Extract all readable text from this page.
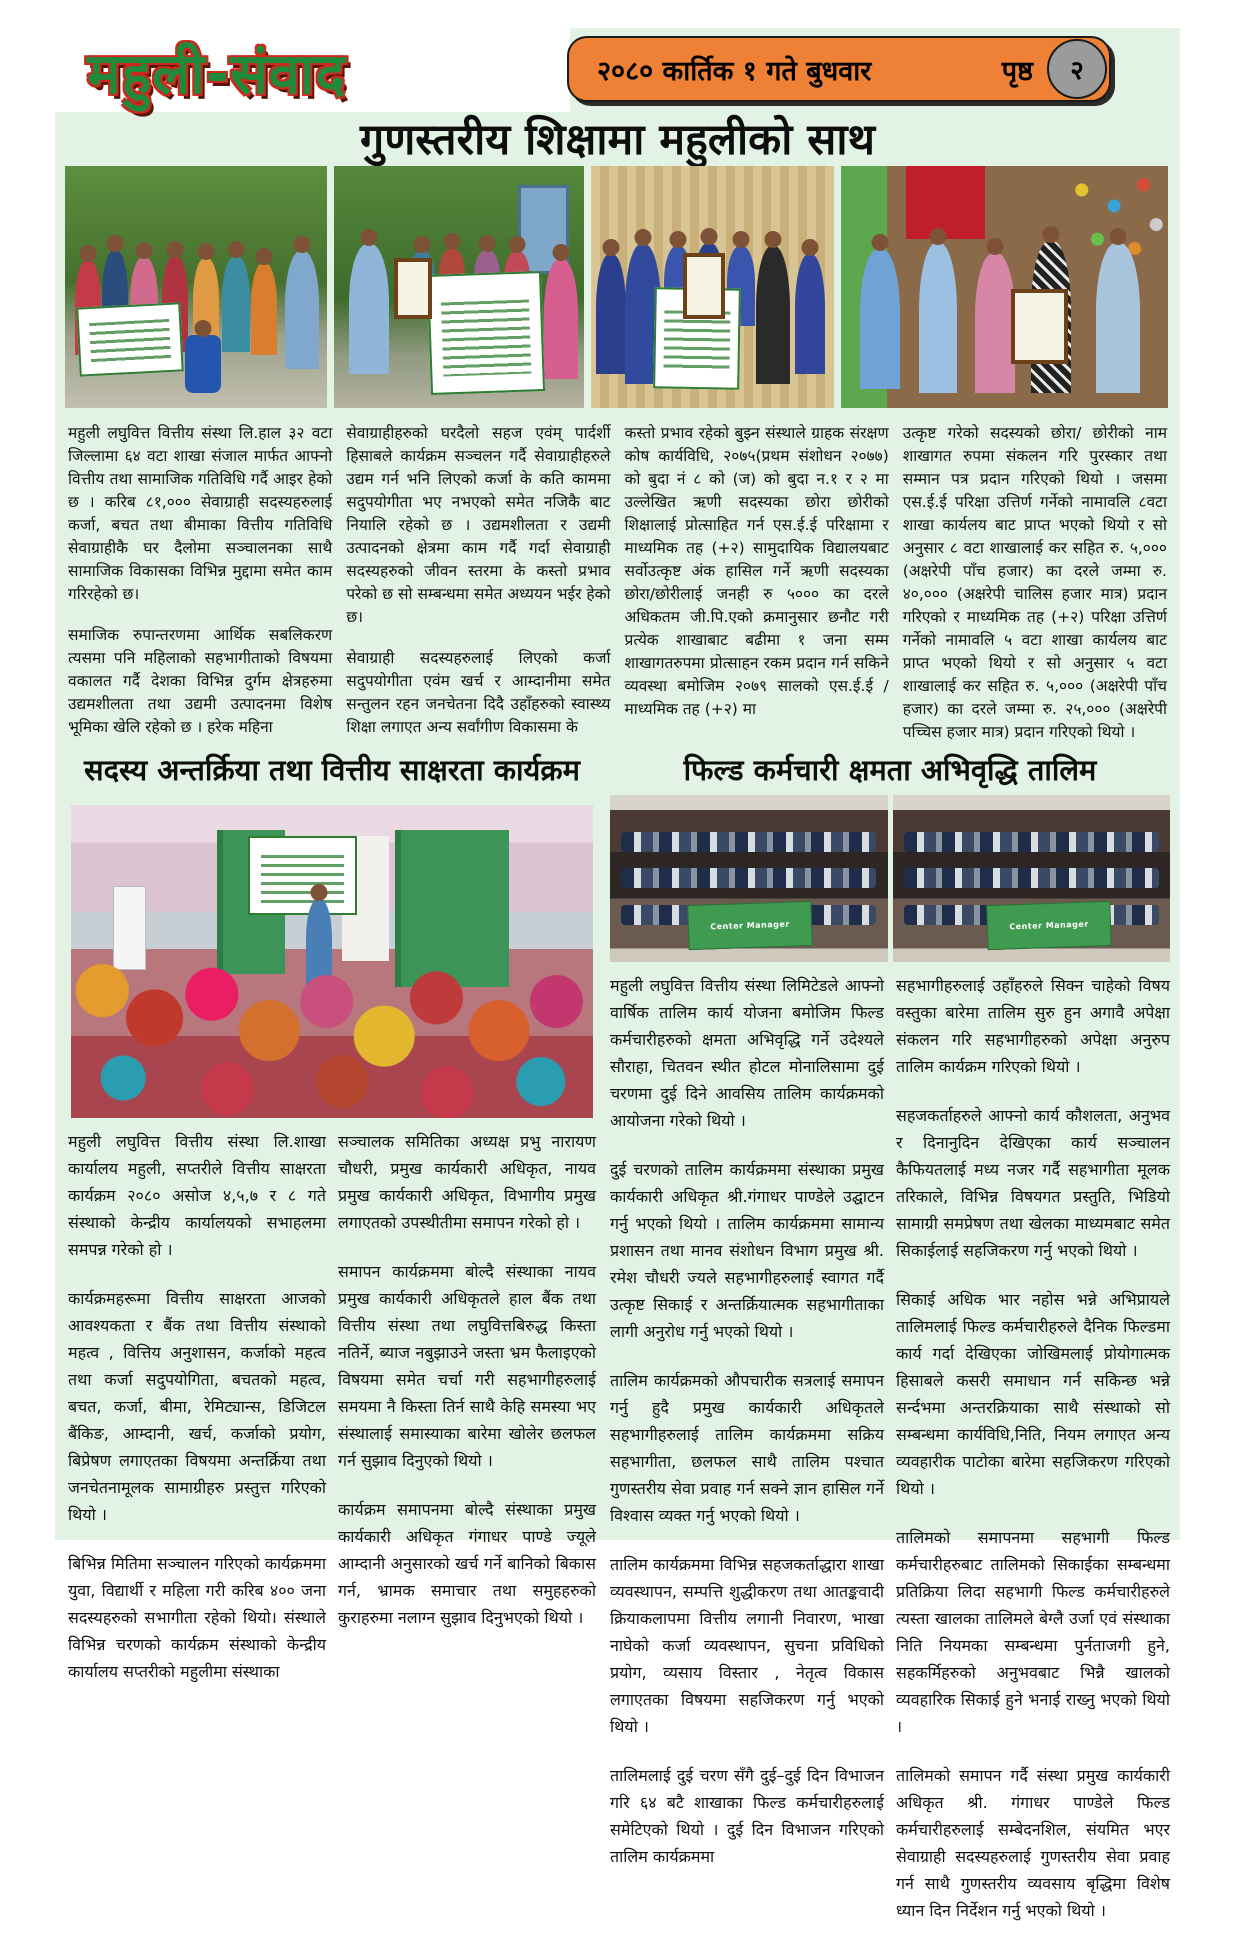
महुली-संवाद	२०८० कार्तिक १ गते बुधवार	पृष्ठ	२
गुणस्तरीय शिक्षामा महुलीको साथ

महुली लघुवित्त वित्तीय संस्था लि.हाल ३२ वटा जिल्लामा ६४ वटा शाखा संजाल मार्फत आफ्नो वित्तीय तथा सामाजिक गतिविधि गर्दै आइर हेको छ । करिब ८१,००० सेवाग्राही सदस्यहरुलाई कर्जा, बचत तथा बीमाका वित्तीय गतिविधि सेवाग्राहीकै घर दैलोमा सञ्चालनका साथै सामाजिक विकासका विभिन्न मुद्दामा समेत काम गरिरहेको छ।

समाजिक रुपान्तरणमा आर्थिक सबलिकरण त्यसमा पनि महिलाको सहभागीताको विषयमा वकालत गर्दै देशका विभिन्न दुर्गम क्षेत्रहरुमा उद्यमशीलता तथा उद्यमी उत्पादनमा विशेष भूमिका खेलि रहेको छ । हरेक महिना

सेवाग्राहीहरुको घरदैलो सहज एवंम् पार्दर्शी हिसाबले कार्यक्रम सञ्चलन गर्दै सेवाग्राहीहरुले उद्यम गर्न भनि लिएको कर्जा के कति काममा सदुपयोगीता भए नभएको समेत नजिकै बाट नियालि रहेको छ । उद्यमशीलता र उद्यमी उत्पादनको क्षेत्रमा काम गर्दै गर्दा सेवाग्राही सदस्यहरुको जीवन स्तरमा के कस्तो प्रभाव परेको छ सो सम्बन्धमा समेत अध्ययन भईर हेको छ।

सेवाग्राही सदस्यहरुलाई लिएको कर्जा सदुपयोगीता एवंम खर्च र आम्दानीमा समेत सन्तुलन रहन जनचेतना दिदै उहाँहरुको स्वास्थ्य शिक्षा लगाएत अन्य सर्वांगीण विकासमा के

कस्तो प्रभाव रहेको बुझ्न संस्थाले ग्राहक संरक्षण कोष कार्यविधि, २०७५(प्रथम संशोधन २०७७) को बुदा नं ८ को (ज) को बुदा न.१ र २ मा उल्लेखित ऋणी सदस्यका छोरा छोरीको शिक्षालाई प्रोत्साहित गर्न एस.ई.ई परिक्षामा र माध्यमिक तह (+२) सामुदायिक विद्यालयबाट सर्वोउत्कृष्ट अंक हासिल गर्ने ऋणी सदस्यका छोरा/छोरीलाई जनही रु ५००० का दरले अधिकतम जी.पि.एको क्रमानुसार छनौट गरी प्रत्येक शाखाबाट बढीमा १ जना सम्म शाखागतरुपमा प्रोत्साहन रकम प्रदान गर्न सकिने व्यवस्था बमोजिम २०७९ सालको एस.ई.ई /माध्यमिक तह (+२) मा

उत्कृष्ट गरेको सदस्यको छोरा/ छोरीको नाम शाखागत रुपमा संकलन गरि पुरस्कार तथा सम्मान पत्र प्रदान गरिएको थियो । जसमा एस.ई.ई परिक्षा उत्तिर्ण गर्नेको नामावलि ८वटा शाखा कार्यलय बाट प्राप्त भएको थियो र सो अनुसार ८ वटा शाखालाई कर सहित रु. ५,००० (अक्षरेपी पाँच हजार) का दरले जम्मा रु. ४०,००० (अक्षरेपी चालिस हजार मात्र) प्रदान गरिएको र माध्यमिक तह (+२) परिक्षा उत्तिर्ण गर्नेको नामावलि ५ वटा शाखा कार्यलय बाट प्राप्त भएको थियो र सो अनुसार ५ वटा शाखालाई कर सहित रु. ५,००० (अक्षरेपी पाँच हजार) का दरले जम्मा रु. २५,००० (अक्षरेपी पच्चिस हजार मात्र) प्रदान गरिएको थियो ।

सदस्य अन्तर्क्रिया तथा वित्तीय साक्षरता कार्यक्रम

महुली लघुवित्त वित्तीय संस्था लि.शाखा कार्यालय महुली, सप्तरीले वित्तीय साक्षरता कार्यक्रम २०८० असोज ४,५,७ र ८ गते संस्थाको केन्द्रीय कार्यालयको सभाहलमा समपन्न गरेको हो ।

कार्यक्रमहरूमा वित्तीय साक्षरता आजको आवश्यकता र बैंक तथा वित्तीय संस्थाको महत्व , वित्तिय अनुशासन, कर्जाको महत्व तथा कर्जा सदुपयोगिता, बचतको महत्व, बचत, कर्जा, बीमा, रेमिट्यान्स, डिजिटल बैंकिङ, आम्दानी, खर्च, कर्जाको प्रयोग, बिप्रेषण लगाएतका विषयमा अन्तर्क्रिया तथा जनचेतनामूलक सामाग्रीहरु प्रस्तुत्त गरिएको थियो ।

बिभिन्न मितिमा सञ्चालन गरिएको कार्यक्रममा युवा, विद्यार्थी र महिला गरी करिब ४०० जना सदस्यहरुको सभागीता रहेको थियो। संस्थाले विभिन्न चरणको कार्यक्रम संस्थाको केन्द्रीय कार्यालय सप्तरीको महुलीमा संस्थाका

सञ्चालक समितिका अध्यक्ष प्रभु नारायण चौधरी, प्रमुख कार्यकारी अधिकृत, नायव प्रमुख कार्यकारी अधिकृत, विभागीय प्रमुख लगाएतको उपस्थीतीमा समापन गरेको हो ।

समापन कार्यक्रममा बोल्दै संस्थाका नायव प्रमुख कार्यकारी अधिकृतले हाल बैंक तथा वित्तीय संस्था तथा लघुवित्तबिरुद्ध किस्ता नतिर्ने, ब्याज नबुझाउने जस्ता भ्रम फैलाइएको विषयमा समेत चर्चा गरी सहभागीहरुलाई समयमा नै किस्ता तिर्न साथै केहि समस्या भए संस्थालाई समास्याका बारेमा खोलेर छलफल गर्न सुझाव दिनुएको थियो ।

कार्यक्रम समापनमा बोल्दै संस्थाका प्रमुख कार्यकारी अधिकृत गंगाधर पाण्डे ज्यूले आम्दानी अनुसारको खर्च गर्ने बानिको बिकास गर्न, भ्रामक समाचार तथा समुहहरुको कुराहरुमा नलाग्न सुझाव दिनुभएको थियो ।

फिल्ड कर्मचारी क्षमता अभिवृद्धि तालिम
Center Manager	Center Manager

महुली लघुवित्त वित्तीय संस्था लिमिटेडले आफ्नो वार्षिक तालिम कार्य योजना बमोजिम फिल्ड कर्मचारीहरुको क्षमता अभिवृद्धि गर्ने उदेश्यले सौराहा, चितवन स्थीत होटल मोनालिसामा दुई चरणमा दुई दिने आवसिय तालिम कार्यक्रमको आयोजना गरेको थियो ।

दुई चरणको तालिम कार्यक्रममा संस्थाका प्रमुख कार्यकारी अधिकृत श्री.गंगाधर पाण्डेले उद्घाटन गर्नु भएको थियो । तालिम कार्यक्रममा सामान्य प्रशासन तथा मानव संशोधन विभाग प्रमुख श्री. रमेश चौधरी ज्यले सहभागीहरुलाई स्वागत गर्दै उत्कृष्ट सिकाई र अन्तर्क्रियात्मक सहभागीताका लागी अनुरोध गर्नु भएको थियो ।

तालिम कार्यक्रमको औपचारीक सत्रलाई समापन गर्नु हुदै प्रमुख कार्यकारी अधिकृतले सहभागीहरुलाई तालिम कार्यक्रममा सक्रिय सहभागीता, छलफल साथै तालिम पश्चात गुणस्तरीय सेवा प्रवाह गर्न सक्ने ज्ञान हासिल गर्ने विश्वास व्यक्त गर्नु भएको थियो ।

तालिम कार्यक्रममा विभिन्न सहजकर्ताद्धारा शाखा व्यवस्थापन, सम्पत्ति शुद्धीकरण तथा आतङ्कवादी क्रियाकलापमा वित्तीय लगानी निवारण, भाखा नाघेको कर्जा व्यवस्थापन, सुचना प्रविधिको प्रयोग, व्यसाय विस्तार , नेतृत्व विकास लगाएतका विषयमा सहजिकरण गर्नु भएको थियो ।

तालिमलाई दुई चरण सँगै दुई–दुई दिन विभाजन गरि ६४ बटै शाखाका फिल्ड कर्मचारीहरुलाई समेटिएको थियो । दुई दिन विभाजन गरिएको तालिम कार्यक्रममा

सहभागीहरुलाई उहाँहरुले सिक्न चाहेको विषय वस्तुका बारेमा तालिम सुरु हुन अगावै अपेक्षा संकलन गरि सहभागीहरुको अपेक्षा अनुरुप तालिम कार्यक्रम गरिएको थियो ।

सहजकर्ताहरुले आफ्नो कार्य कौशलता, अनुभव र दिनानुदिन देखिएका कार्य सञ्चालन कैफियतलाई मध्य नजर गर्दै सहभागीता मूलक तरिकाले, विभिन्न विषयगत प्रस्तुति, भिडियो सामाग्री समप्रेषण तथा खेलका माध्यमबाट समेत सिकाईलाई सहजिकरण गर्नु भएको थियो ।

सिकाई अधिक भार नहोस भन्ने अभिप्रायले तालिमलाई फिल्ड कर्मचारीहरुले दैनिक फिल्डमा कार्य गर्दा देखिएका जोखिमलाई प्रोयोगात्मक हिसाबले कसरी समाधान गर्न सकिन्छ भन्ने सर्न्दभमा अन्तरक्रियाका साथै संस्थाको सो सम्बन्धमा कार्यविधि,निति, नियम लगाएत अन्य व्यवहारीक पाटोका बारेमा सहजिकरण गरिएको थियो ।

तालिमको समापनमा सहभागी फिल्ड कर्मचारीहरुबाट तालिमको सिकाईका सम्बन्धमा प्रतिक्रिया लिदा सहभागी फिल्ड कर्मचारीहरुले त्यस्ता खालका तालिमले बेग्लै उर्जा एवं संस्थाका निति नियमका सम्बन्धमा पुर्नताजगी हुने, सहकर्मिहरुको अनुभवबाट भिन्नै खालको व्यवहारिक सिकाई हुने भनाई राख्नु भएको थियो ।

तालिमको समापन गर्दै संस्था प्रमुख कार्यकारी अधिकृत श्री. गंगाधर पाण्डेले फिल्ड कर्मचारीहरुलाई सम्बेदनशिल, संयमित भएर सेवाग्राही सदस्यहरुलाई गुणस्तरीय सेवा प्रवाह गर्न साथै गुणस्तरीय व्यवसाय बृद्धिमा विशेष ध्यान दिन निर्देशन गर्नु भएको थियो ।
